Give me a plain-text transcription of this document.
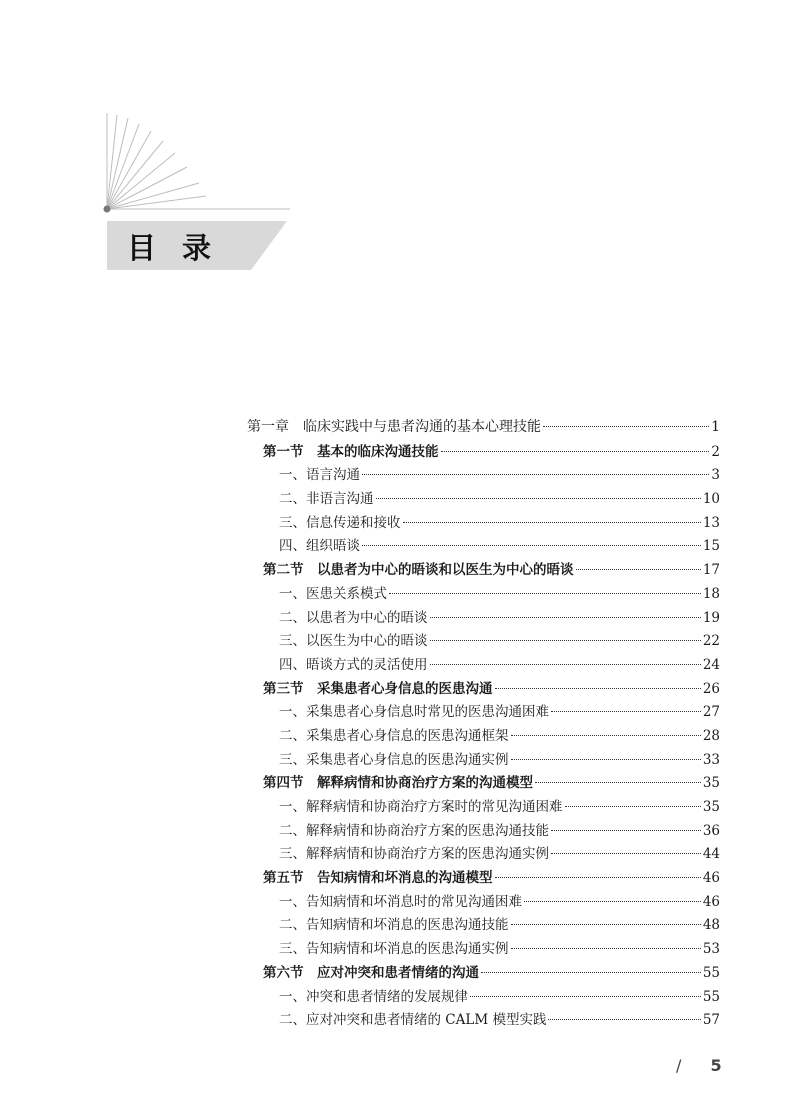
目录
第一章　临床实践中与患者沟通的基本心理技能	1
第一节　基本的临床沟通技能	2
一、语言沟通	3
二、非语言沟通	10
三、信息传递和接收	13
四、组织晤谈	15
第二节　以患者为中心的晤谈和以医生为中心的晤谈	17
一、医患关系模式	18
二、以患者为中心的晤谈	19
三、以医生为中心的晤谈	22
四、晤谈方式的灵活使用	24
第三节　采集患者心身信息的医患沟通	26
一、采集患者心身信息时常见的医患沟通困难	27
二、采集患者心身信息的医患沟通框架	28
三、采集患者心身信息的医患沟通实例	33
第四节　解释病情和协商治疗方案的沟通模型	35
一、解释病情和协商治疗方案时的常见沟通困难	35
二、解释病情和协商治疗方案的医患沟通技能	36
三、解释病情和协商治疗方案的医患沟通实例	44
第五节　告知病情和坏消息的沟通模型	46
一、告知病情和坏消息时的常见沟通困难	46
二、告知病情和坏消息的医患沟通技能	48
三、告知病情和坏消息的医患沟通实例	53
第六节　应对冲突和患者情绪的沟通	55
一、冲突和患者情绪的发展规律	55
二、应对冲突和患者情绪的 CALM 模型实践	57
/ 5
